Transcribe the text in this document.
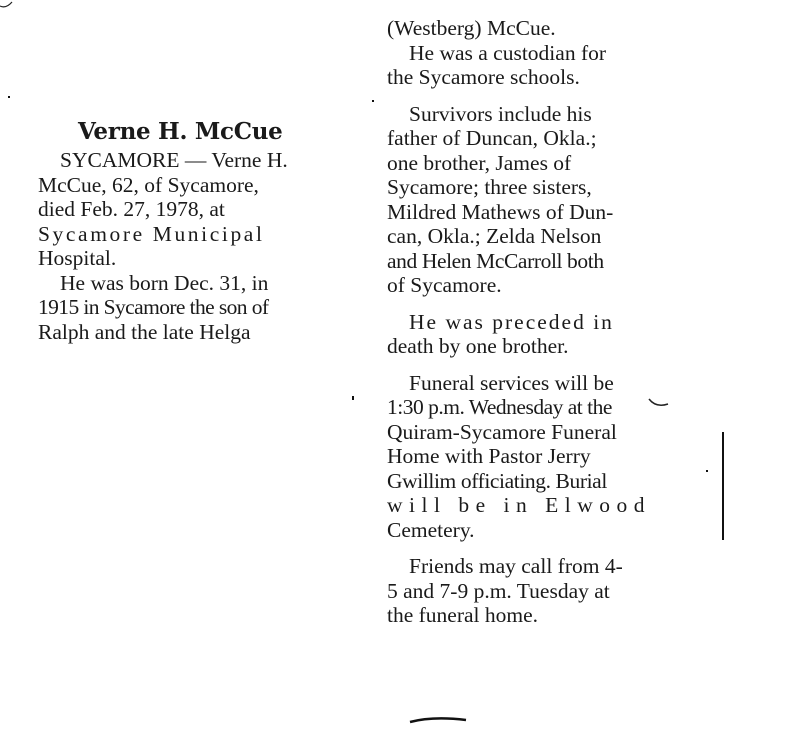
Verne H. McCue
SYCAMORE — Verne H.
McCue, 62, of Sycamore,
died Feb. 27, 1978, at
Sycamore Municipal
Hospital.
He was born Dec. 31, in
1915 in Sycamore the son of
Ralph and the late Helga
(Westberg) McCue.
He was a custodian for
the Sycamore schools.
Survivors include his
father of Duncan, Okla.;
one brother, James of
Sycamore; three sisters,
Mildred Mathews of Dun-
can, Okla.; Zelda Nelson
and Helen McCarroll both
of Sycamore.
He was preceded in
death by one brother.
Funeral services will be
1:30 p.m. Wednesday at the
Quiram-Sycamore Funeral
Home with Pastor Jerry
Gwillim officiating. Burial
will be in Elwood
Cemetery.
Friends may call from 4-
5 and 7-9 p.m. Tuesday at
the funeral home.
